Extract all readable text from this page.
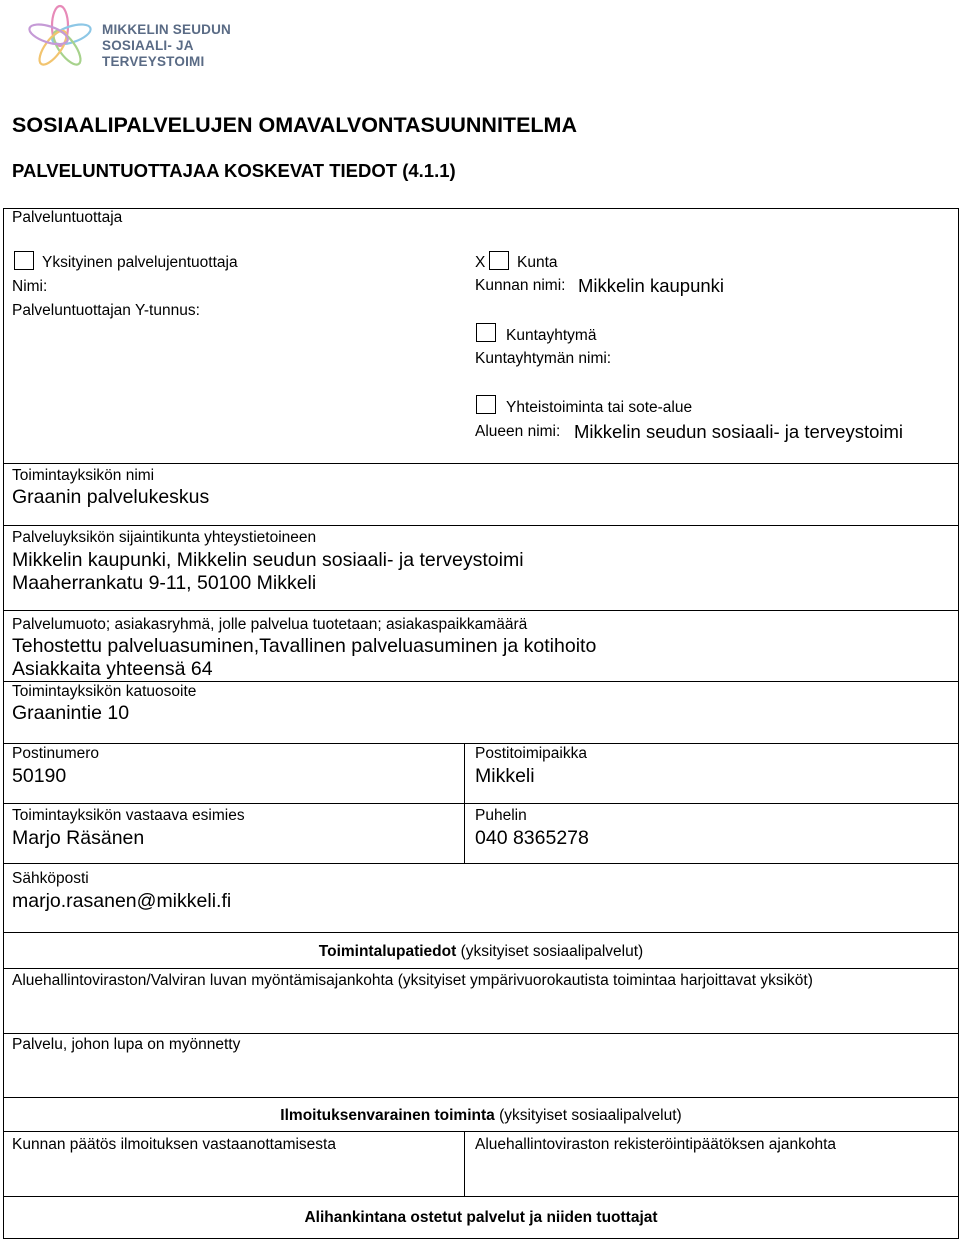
MIKKELIN SEUDUN
SOSIAALI- JA TERVEYSTOIMI
SOSIAALIPALVELUJEN OMAVALVONTASUUNNITELMA
PALVELUNTUOTTAJAA KOSKEVAT TIEDOT (4.1.1)
Palveluntuottaja
Yksityinen palvelujentuottaja
Nimi:
Palveluntuottajan Y-tunnus:
X Kunta
Kunnan nimi: Mikkelin kaupunki
Kuntayhtymä
Kuntayhtymän nimi:
Yhteistoiminta tai sote-alue
Alueen nimi: Mikkelin seudun sosiaali- ja terveystoimi
Toimintayksikön nimi
Graanin palvelukeskus
Palveluyksikön sijaintikunta yhteystietoineen
Mikkelin kaupunki, Mikkelin seudun sosiaali- ja terveystoimi
Maaherrankatu 9-11, 50100 Mikkeli
Palvelumuoto; asiakasryhmä, jolle palvelua tuotetaan; asiakaspaikkamäärä
Tehostettu palveluasuminen,Tavallinen palveluasuminen ja kotihoito
Asiakkaita yhteensä 64
Toimintayksikön katuosoite
Graanintie 10
Postinumero
50190
Postitoimipaikka
Mikkeli
Toimintayksikön vastaava esimies
Marjo Räsänen
Puhelin
040 8365278
Sähköposti
marjo.rasanen@mikkeli.fi
Toimintalupatiedot (yksityiset sosiaalipalvelut)
Aluehallintoviraston/Valviran luvan myöntämisajankohta (yksityiset ympärivuorokautista toimintaa harjoittavat yksiköt)
Palvelu, johon lupa on myönnetty
Ilmoituksenvarainen toiminta (yksityiset sosiaalipalvelut)
Kunnan päätös ilmoituksen vastaanottamisesta	Aluehallintoviraston rekisteröintipäätöksen ajankohta
Alihankintana ostetut palvelut ja niiden tuottajat
